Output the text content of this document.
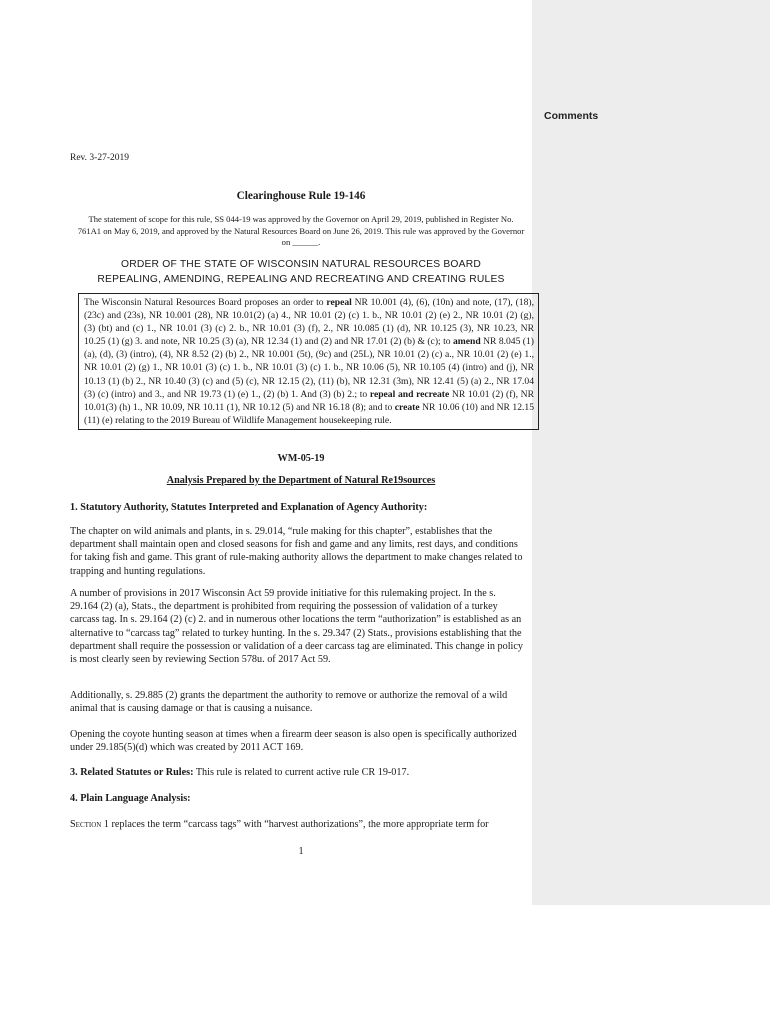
Comments
Rev. 3-27-2019
Clearinghouse Rule 19-146
The statement of scope for this rule, SS 044-19 was approved by the Governor on April 29, 2019, published in Register No. 761A1 on May 6, 2019, and approved by the Natural Resources Board on June 26, 2019. This rule was approved by the Governor on ______.
ORDER OF THE STATE OF WISCONSIN NATURAL RESOURCES BOARD
REPEALING, AMENDING, REPEALING AND RECREATING AND CREATING RULES
The Wisconsin Natural Resources Board proposes an order to repeal NR 10.001 (4), (6), (10n) and note, (17), (18), (23c) and (23s), NR 10.001 (28), NR 10.01(2) (a) 4., NR 10.01 (2) (c) 1. b., NR 10.01 (2) (e) 2., NR 10.01 (2) (g), (3) (bt) and (c) 1., NR 10.01 (3) (c) 2. b., NR 10.01 (3) (f), 2., NR 10.085 (1) (d), NR 10.125 (3), NR 10.23, NR 10.25 (1) (g) 3. and note, NR 10.25 (3) (a), NR 12.34 (1) and (2) and NR 17.01 (2) (b) & (c); to amend NR 8.045 (1) (a), (d), (3) (intro), (4), NR 8.52 (2) (b) 2., NR 10.001 (5t), (9c) and (25L), NR 10.01 (2) (c) a., NR 10.01 (2) (e) 1., NR 10.01 (2) (g) 1., NR 10.01 (3) (c) 1. b., NR 10.01 (3) (c) 1. b., NR 10.06 (5), NR 10.105 (4) (intro) and (j), NR 10.13 (1) (b) 2., NR 10.40 (3) (c) and (5) (c), NR 12.15 (2), (11) (b), NR 12.31 (3m), NR 12.41 (5) (a) 2., NR 17.04 (3) (c) (intro) and 3., and NR 19.73 (1) (e) 1., (2) (b) 1. And (3) (b) 2.; to repeal and recreate NR 10.01 (2) (f), NR 10.01(3) (h) 1., NR 10.09, NR 10.11 (1), NR 10.12 (5) and NR 16.18 (8); and to create NR 10.06 (10) and NR 12.15 (11) (e) relating to the 2019 Bureau of Wildlife Management housekeeping rule.
WM-05-19
Analysis Prepared by the Department of Natural Re19sources
1. Statutory Authority, Statutes Interpreted and Explanation of Agency Authority:
The chapter on wild animals and plants, in s. 29.014, “rule making for this chapter”, establishes that the department shall maintain open and closed seasons for fish and game and any limits, rest days, and conditions for taking fish and game. This grant of rule-making authority allows the department to make changes related to trapping and hunting regulations.
A number of provisions in 2017 Wisconsin Act 59 provide initiative for this rulemaking project. In the s. 29.164 (2) (a), Stats., the department is prohibited from requiring the possession of validation of a turkey carcass tag. In s. 29.164 (2) (c) 2. and in numerous other locations the term “authorization” is established as an alternative to “carcass tag” related to turkey hunting. In the s. 29.347 (2) Stats., provisions establishing that the department shall require the possession or validation of a deer carcass tag are eliminated. This change in policy is most clearly seen by reviewing Section 578u. of 2017 Act 59.
Additionally, s. 29.885 (2) grants the department the authority to remove or authorize the removal of a wild animal that is causing damage or that is causing a nuisance.
Opening the coyote hunting season at times when a firearm deer season is also open is specifically authorized under 29.185(5)(d) which was created by 2011 ACT 169.
3. Related Statutes or Rules: This rule is related to current active rule CR 19-017.
4. Plain Language Analysis:
Section 1 replaces the term “carcass tags” with “harvest authorizations”, the more appropriate term for
1
